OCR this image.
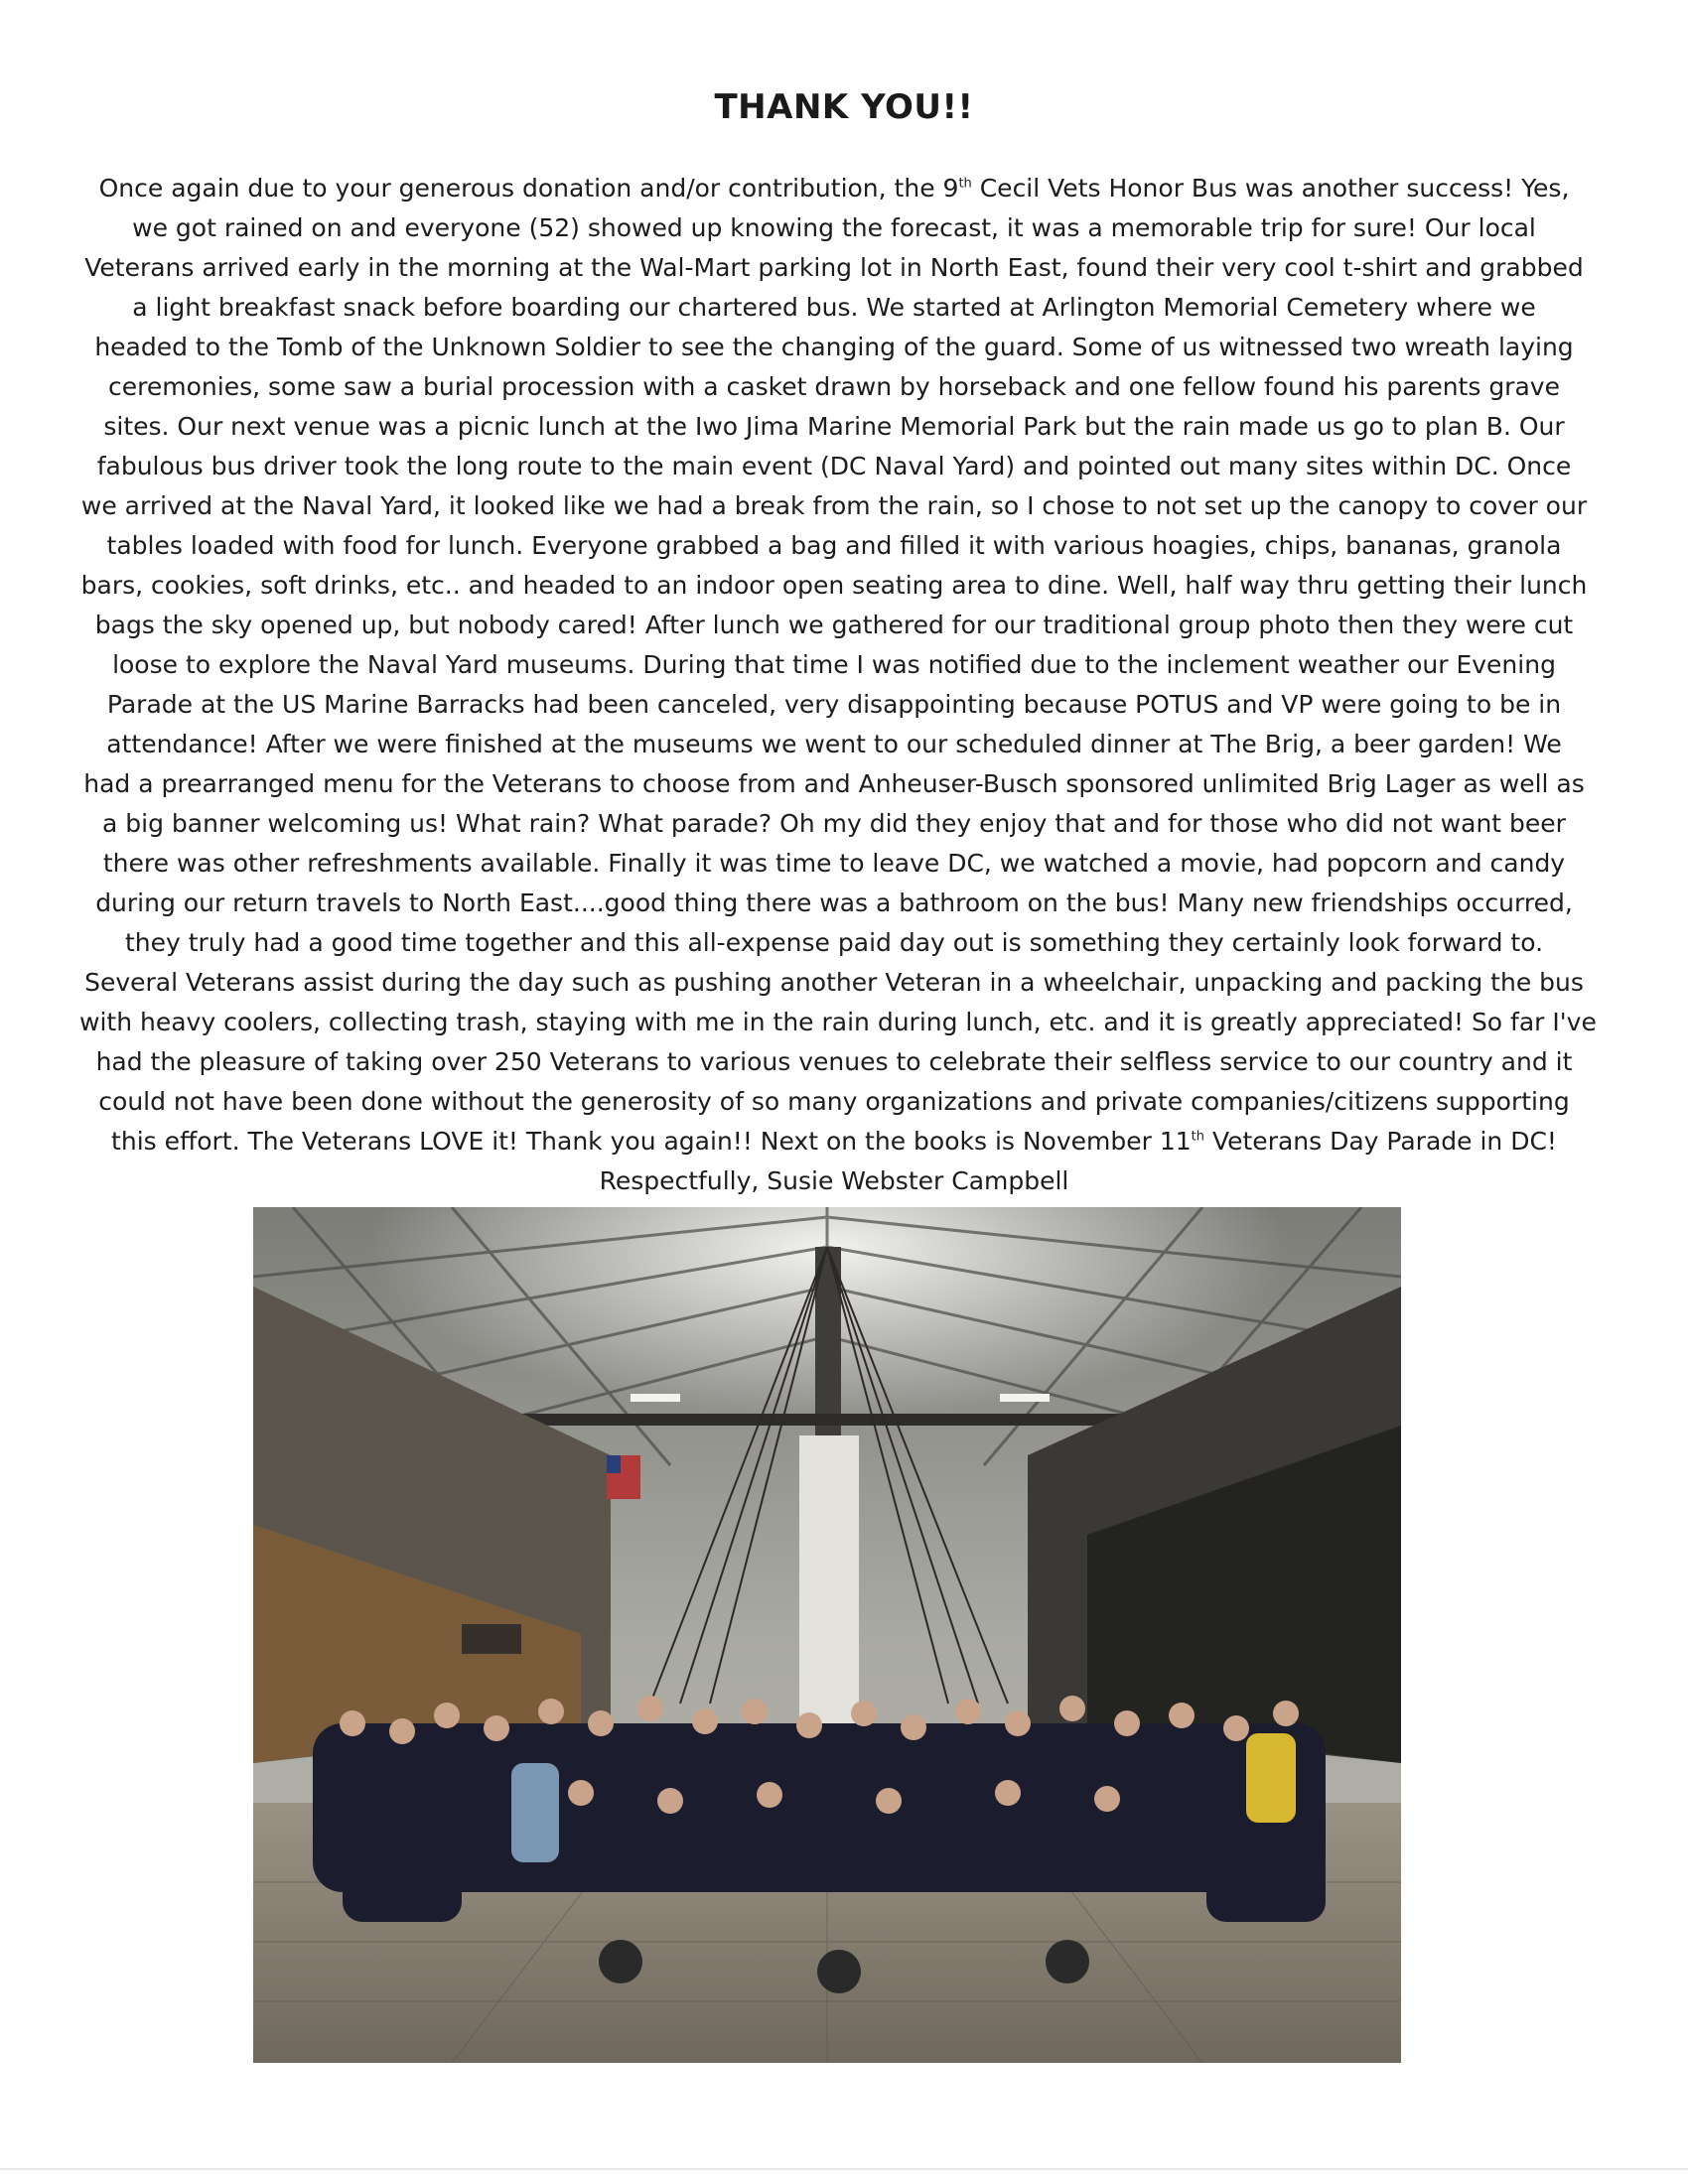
THANK YOU!!
Once again due to your generous donation and/or contribution, the 9th Cecil Vets Honor Bus was another success! Yes,
we got rained on and everyone (52) showed up knowing the forecast, it was a memorable trip for sure! Our local
Veterans arrived early in the morning at the Wal-Mart parking lot in North East, found their very cool t-shirt and grabbed
a light breakfast snack before boarding our chartered bus. We started at Arlington Memorial Cemetery where we
headed to the Tomb of the Unknown Soldier to see the changing of the guard. Some of us witnessed two wreath laying
ceremonies, some saw a burial procession with a casket drawn by horseback and one fellow found his parents grave
sites. Our next venue was a picnic lunch at the Iwo Jima Marine Memorial Park but the rain made us go to plan B. Our
fabulous bus driver took the long route to the main event (DC Naval Yard) and pointed out many sites within DC. Once
we arrived at the Naval Yard, it looked like we had a break from the rain, so I chose to not set up the canopy to cover our
tables loaded with food for lunch. Everyone grabbed a bag and filled it with various hoagies, chips, bananas, granola
bars, cookies, soft drinks, etc.. and headed to an indoor open seating area to dine. Well, half way thru getting their lunch
bags the sky opened up, but nobody cared! After lunch we gathered for our traditional group photo then they were cut
loose to explore the Naval Yard museums. During that time I was notified due to the inclement weather our Evening
Parade at the US Marine Barracks had been canceled, very disappointing because POTUS and VP were going to be in
attendance! After we were finished at the museums we went to our scheduled dinner at The Brig, a beer garden! We
had a prearranged menu for the Veterans to choose from and Anheuser-Busch sponsored unlimited Brig Lager as well as
a big banner welcoming us! What rain? What parade? Oh my did they enjoy that and for those who did not want beer
there was other refreshments available. Finally it was time to leave DC, we watched a movie, had popcorn and candy
during our return travels to North East....good thing there was a bathroom on the bus! Many new friendships occurred,
they truly had a good time together and this all-expense paid day out is something they certainly look forward to.
Several Veterans assist during the day such as pushing another Veteran in a wheelchair, unpacking and packing the bus
with heavy coolers, collecting trash, staying with me in the rain during lunch, etc. and it is greatly appreciated! So far I've
had the pleasure of taking over 250 Veterans to various venues to celebrate their selfless service to our country and it
could not have been done without the generosity of so many organizations and private companies/citizens supporting
this effort. The Veterans LOVE it! Thank you again!! Next on the books is November 11th Veterans Day Parade in DC!
Respectfully, Susie Webster Campbell
